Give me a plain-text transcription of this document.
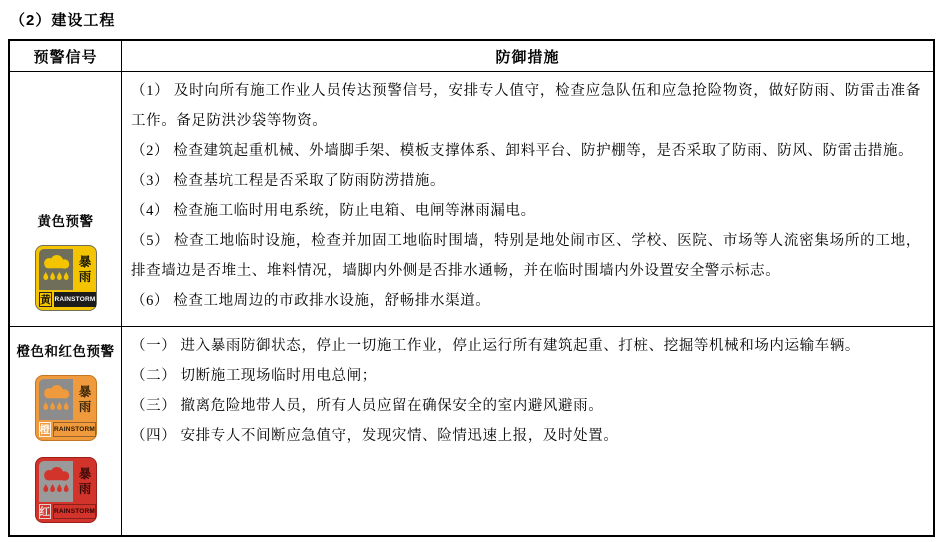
（2）建设工程
预警信号	防御措施
黄色预警
暴
雨
黄 RAINSTORM

（1） 及时向所有施工作业人员传达预警信号，安排专人值守，检查应急队伍和应急抢险物资，做好防雨、防雷击准备工作。备足防洪沙袋等物资。

（2） 检查建筑起重机械、外墙脚手架、模板支撑体系、卸料平台、防护棚等，是否采取了防雨、防风、防雷击措施。

（3） 检查基坑工程是否采取了防雨防涝措施。

（4） 检查施工临时用电系统，防止电箱、电闸等淋雨漏电。

（5） 检查工地临时设施，检查并加固工地临时围墙，特别是地处闹市区、学校、医院、市场等人流密集场所的工地，排查墙边是否堆土、堆料情况，墙脚内外侧是否排水通畅，并在临时围墙内外设置安全警示标志。

（6） 检查工地周边的市政排水设施，舒畅排水渠道。

橙色和红色预警
暴
雨
橙 RAINSTORM
暴
雨
红 RAINSTORM

（一） 进入暴雨防御状态，停止一切施工作业，停止运行所有建筑起重、打桩、挖掘等机械和场内运输车辆。

（二） 切断施工现场临时用电总闸；

（三） 撤离危险地带人员，所有人员应留在确保安全的室内避风避雨。

（四） 安排专人不间断应急值守，发现灾情、险情迅速上报，及时处置。
